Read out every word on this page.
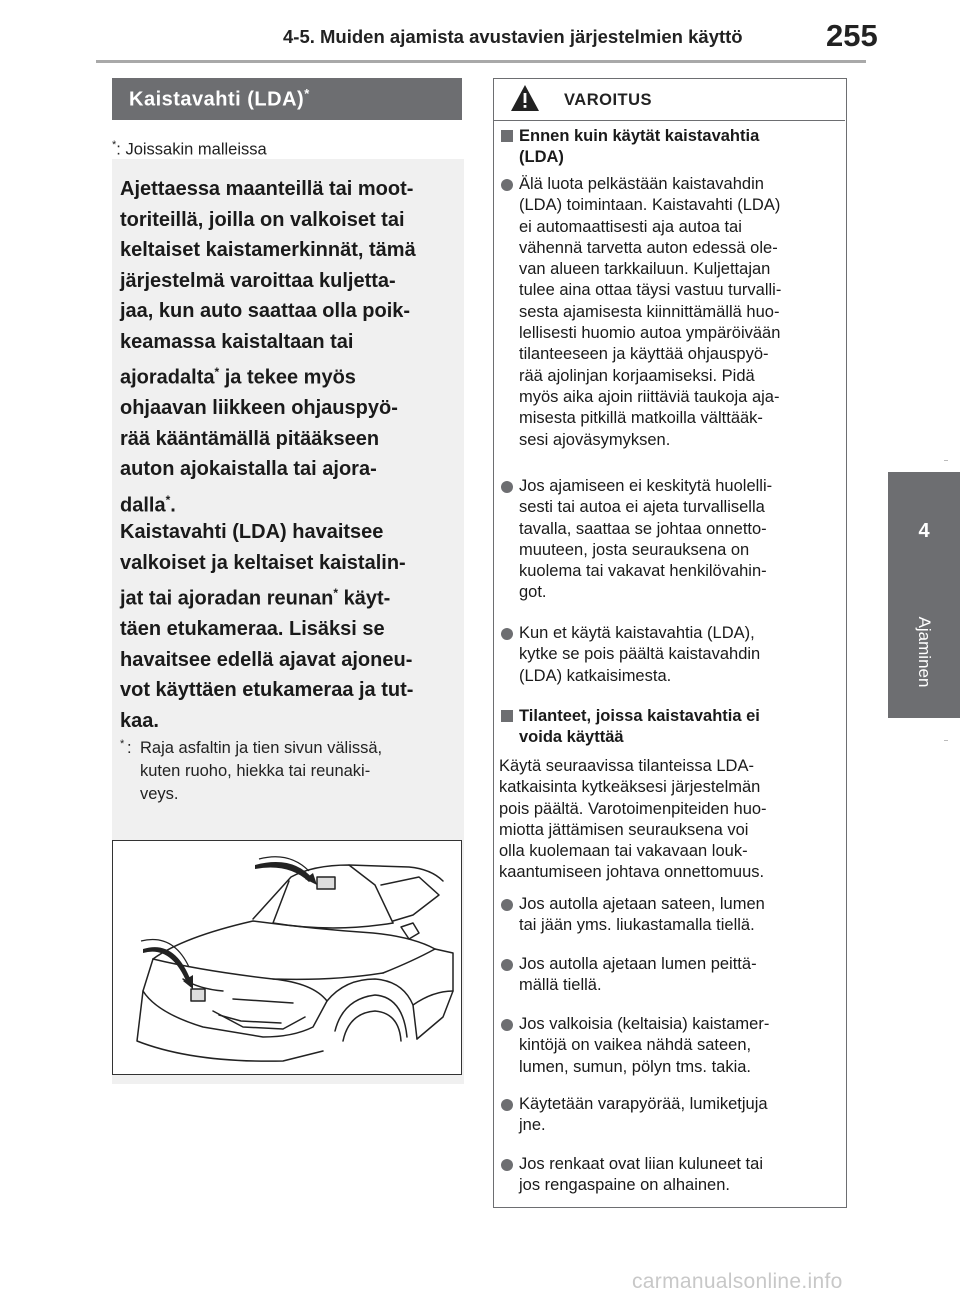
4-5. Muiden ajamista avustavien järjestelmien käyttö	255
4
Ajaminen
Kaistavahti (LDA)*
*: Joissakin malleissa
Ajettaessa maanteillä tai moot-
toriteillä, joilla on valkoiset tai
keltaiset kaistamerkinnät, tämä
järjestelmä varoittaa kuljetta-
jaa, kun auto saattaa olla poik-
keamassa kaistaltaan tai
ajoradalta* ja tekee myös
ohjaavan liikkeen ohjauspyö-
rää kääntämällä pitääkseen
auton ajokaistalla tai ajora-
dalla*.
Kaistavahti (LDA) havaitsee
valkoiset ja keltaiset kaistalin-
jat tai ajoradan reunan* käyt-
täen etukameraa. Lisäksi se
havaitsee edellä ajavat ajoneu-
vot käyttäen etukameraa ja tut-
kaa.
* : Raja asfaltin ja tien sivun välissä,
kuten ruoho, hiekka tai reunaki-
veys.
VAROITUS
Ennen kuin käytät kaistavahtia
(LDA)
Älä luota pelkästään kaistavahdin
(LDA) toimintaan. Kaistavahti (LDA)
ei automaattisesti aja autoa tai
vähennä tarvetta auton edessä ole-
van alueen tarkkailuun. Kuljettajan
tulee aina ottaa täysi vastuu turvalli-
sesta ajamisesta kiinnittämällä huo-
lellisesti huomio autoa ympäröivään
tilanteeseen ja käyttää ohjauspyö-
rää ajolinjan korjaamiseksi. Pidä
myös aika ajoin riittäviä taukoja aja-
misesta pitkillä matkoilla välttääk-
sesi ajoväsymyksen.
Jos ajamiseen ei keskitytä huolelli-
sesti tai autoa ei ajeta turvallisella
tavalla, saattaa se johtaa onnetto-
muuteen, josta seurauksena on
kuolema tai vakavat henkilövahin-
got.
Kun et käytä kaistavahtia (LDA),
kytke se pois päältä kaistavahdin
(LDA) katkaisimesta.
Tilanteet, joissa kaistavahtia ei
voida käyttää
Käytä seuraavissa tilanteissa LDA-
katkaisinta kytkeäksesi järjestelmän
pois päältä. Varotoimenpiteiden huo-
miotta jättämisen seurauksena voi
olla kuolemaan tai vakavaan louk-
kaantumiseen johtava onnettomuus.
Jos autolla ajetaan sateen, lumen
tai jään yms. liukastamalla tiellä.
Jos autolla ajetaan lumen peittä-
mällä tiellä.
Jos valkoisia (keltaisia) kaistamer-
kintöjä on vaikea nähdä sateen,
lumen, sumun, pölyn tms. takia.
Käytetään varapyörää, lumiketjuja
jne.
Jos renkaat ovat liian kuluneet tai
jos rengaspaine on alhainen.
carmanualsonline.info
